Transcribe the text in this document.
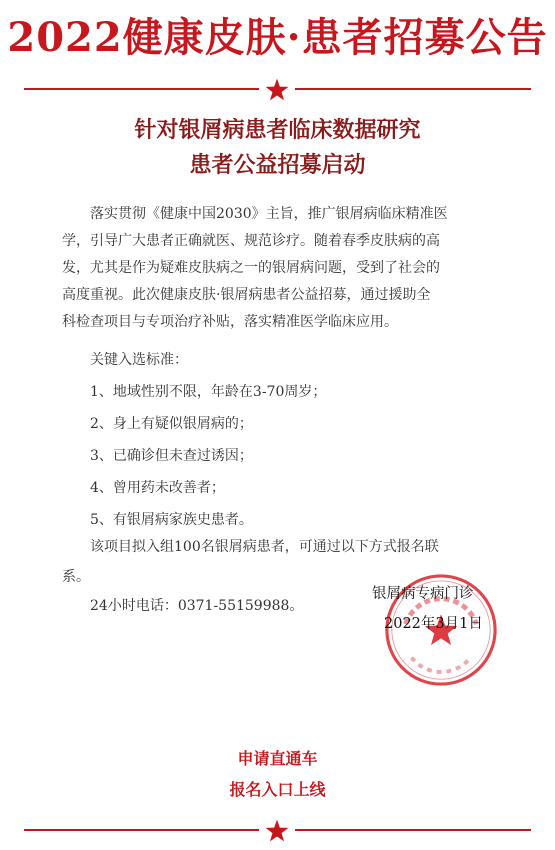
2022健康皮肤·患者招募公告
针对银屑病患者临床数据研究
患者公益招募启动
落实贯彻《健康中国2030》主旨，推广银屑病临床精准医
学，引导广大患者正确就医、规范诊疗。随着春季皮肤病的高
发，尤其是作为疑难皮肤病之一的银屑病问题，受到了社会的
高度重视。此次健康皮肤·银屑病患者公益招募，通过援助全
科检查项目与专项治疗补贴，落实精准医学临床应用。
关键入选标准：
1、地域性别不限，年龄在3-70周岁；
2、身上有疑似银屑病的；
3、已确诊但未查过诱因；
4、曾用药未改善者；
5、有银屑病家族史患者。
该项目拟入组100名银屑病患者，可通过以下方式报名联
系。
24小时电话：0371-55159988。
银屑病专病门诊
2022年3月1日
申请直通车
报名入口上线
